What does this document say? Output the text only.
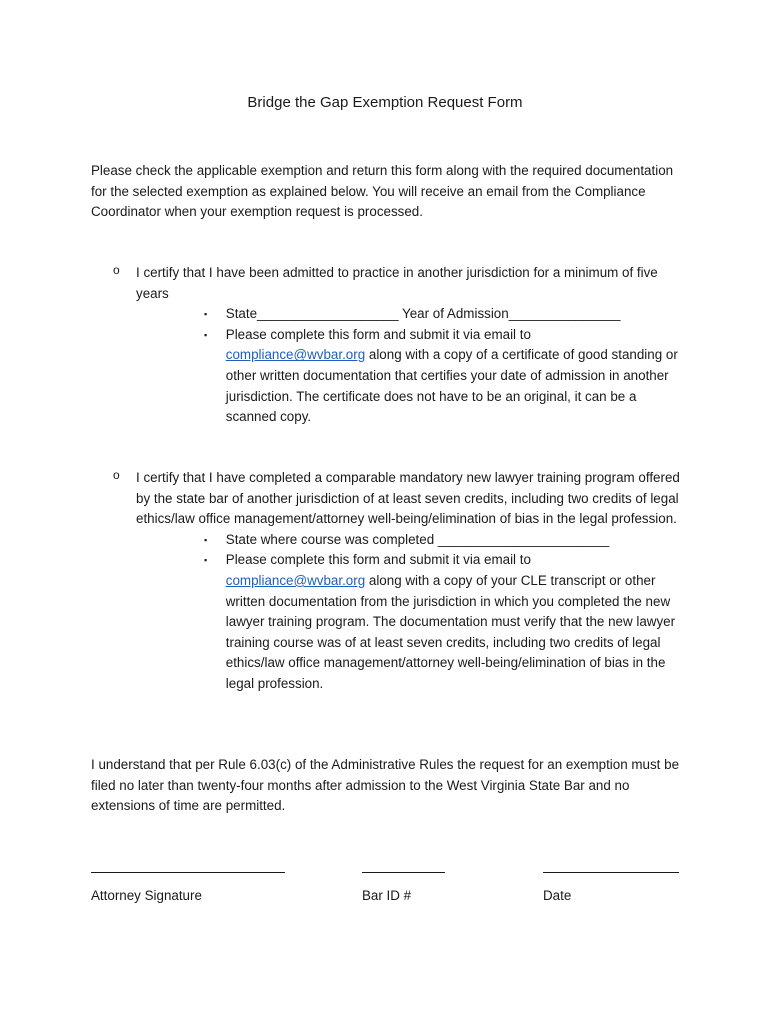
Bridge the Gap Exemption Request Form
Please check the applicable exemption and return this form along with the required documentation for the selected exemption as explained below. You will receive an email from the Compliance Coordinator when your exemption request is processed.
o	I certify that I have been admitted to practice in another jurisdiction for a minimum of five years
▪	State___________________ Year of Admission_______________
▪	Please complete this form and submit it via email to
compliance@wvbar.org along with a copy of a certificate of good standing or other written documentation that certifies your date of admission in another jurisdiction. The certificate does not have to be an original, it can be a scanned copy.
o	I certify that I have completed a comparable mandatory new lawyer training program offered by the state bar of another jurisdiction of at least seven credits, including two credits of legal ethics/law office management/attorney well-being/elimination of bias in the legal profession.
▪	State where course was completed _______________________
▪	Please complete this form and submit it via email to
compliance@wvbar.org along with a copy of your CLE transcript or other written documentation from the jurisdiction in which you completed the new lawyer training program. The documentation must verify that the new lawyer training course was of at least seven credits, including two credits of legal ethics/law office management/attorney well-being/elimination of bias in the legal profession.
I understand that per Rule 6.03(c) of the Administrative Rules the request for an exemption must be filed no later than twenty-four months after admission to the West Virginia State Bar and no extensions of time are permitted.
Attorney Signature	Bar ID #	Date
